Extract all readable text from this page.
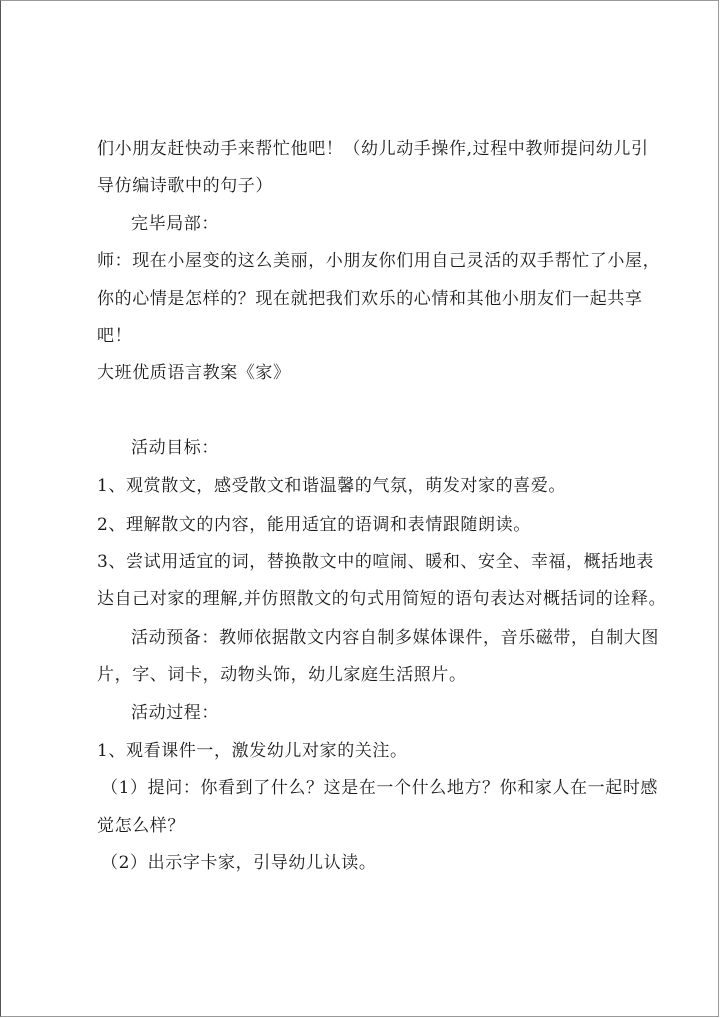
们小朋友赶快动手来帮忙他吧！（幼儿动手操作,过程中教师提问幼儿引
导仿编诗歌中的句子）
完毕局部：
师：现在小屋变的这么美丽，小朋友你们用自己灵活的双手帮忙了小屋，
你的心情是怎样的？现在就把我们欢乐的心情和其他小朋友们一起共享
吧！
大班优质语言教案《家》
活动目标：
1、观赏散文，感受散文和谐温馨的气氛，萌发对家的喜爱。
2、理解散文的内容，能用适宜的语调和表情跟随朗读。
3、尝试用适宜的词，替换散文中的喧闹、暖和、安全、幸福，概括地表
达自己对家的理解,并仿照散文的句式用简短的语句表达对概括词的诠释。
活动预备：教师依据散文内容自制多媒体课件，音乐磁带，自制大图
片，字、词卡，动物头饰，幼儿家庭生活照片。
活动过程：
1、观看课件一，激发幼儿对家的关注。
（1）提问：你看到了什么？这是在一个什么地方？你和家人在一起时感
觉怎么样？
（2）出示字卡家，引导幼儿认读。
